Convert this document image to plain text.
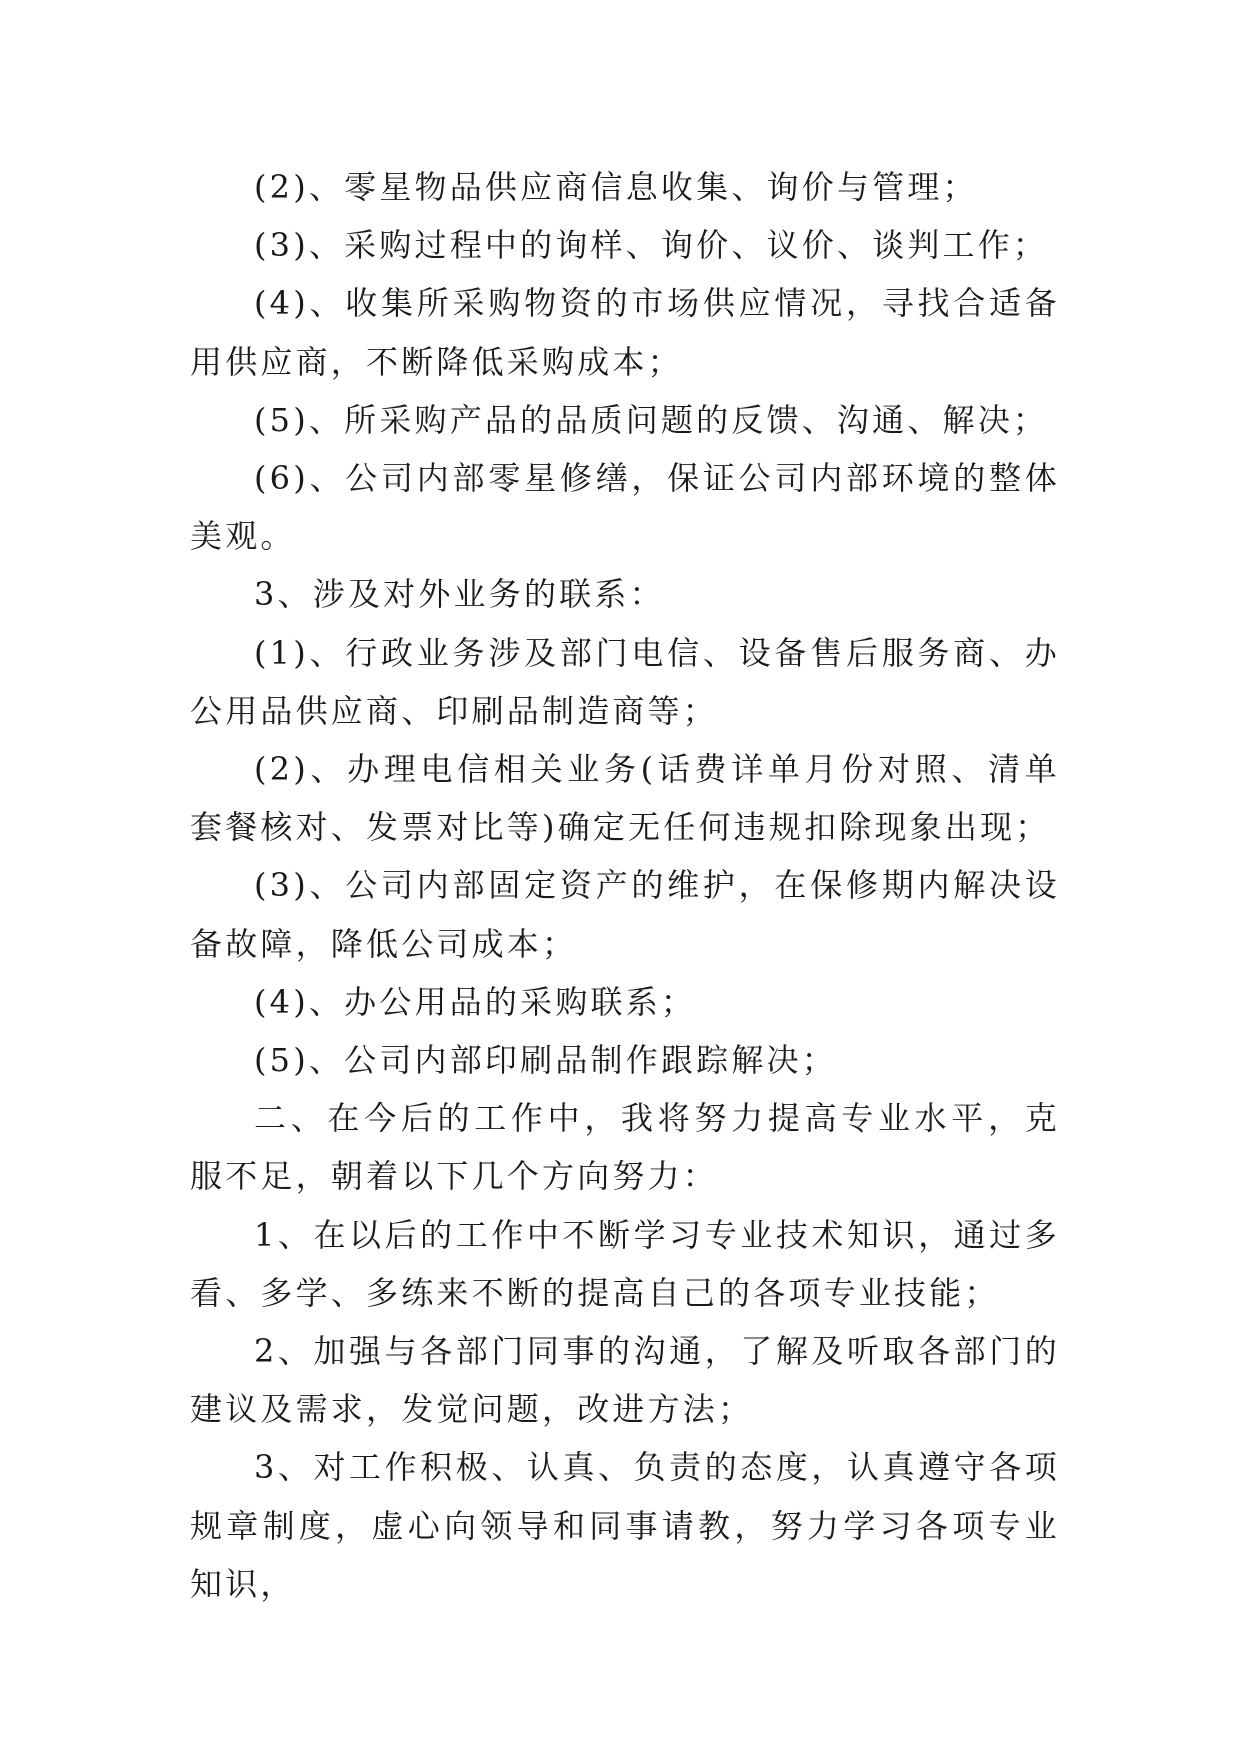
(2)、零星物品供应商信息收集、询价与管理；

(3)、采购过程中的询样、询价、议价、谈判工作；

(4)、收集所采购物资的市场供应情况，寻找合适备用供应商，不断降低采购成本；

(5)、所采购产品的品质问题的反馈、沟通、解决；

(6)、公司内部零星修缮，保证公司内部环境的整体美观。

3、涉及对外业务的联系：

(1)、行政业务涉及部门电信、设备售后服务商、办公用品供应商、印刷品制造商等；

(2)、办理电信相关业务(话费详单月份对照、清单套餐核对、发票对比等)确定无任何违规扣除现象出现；

(3)、公司内部固定资产的维护，在保修期内解决设备故障，降低公司成本；

(4)、办公用品的采购联系；

(5)、公司内部印刷品制作跟踪解决；

二、在今后的工作中，我将努力提高专业水平，克服不足，朝着以下几个方向努力：

1、在以后的工作中不断学习专业技术知识，通过多看、多学、多练来不断的提高自己的各项专业技能；

2、加强与各部门同事的沟通，了解及听取各部门的建议及需求，发觉问题，改进方法；

3、对工作积极、认真、负责的态度，认真遵守各项规章制度，虚心向领导和同事请教，努力学习各项专业知识，
